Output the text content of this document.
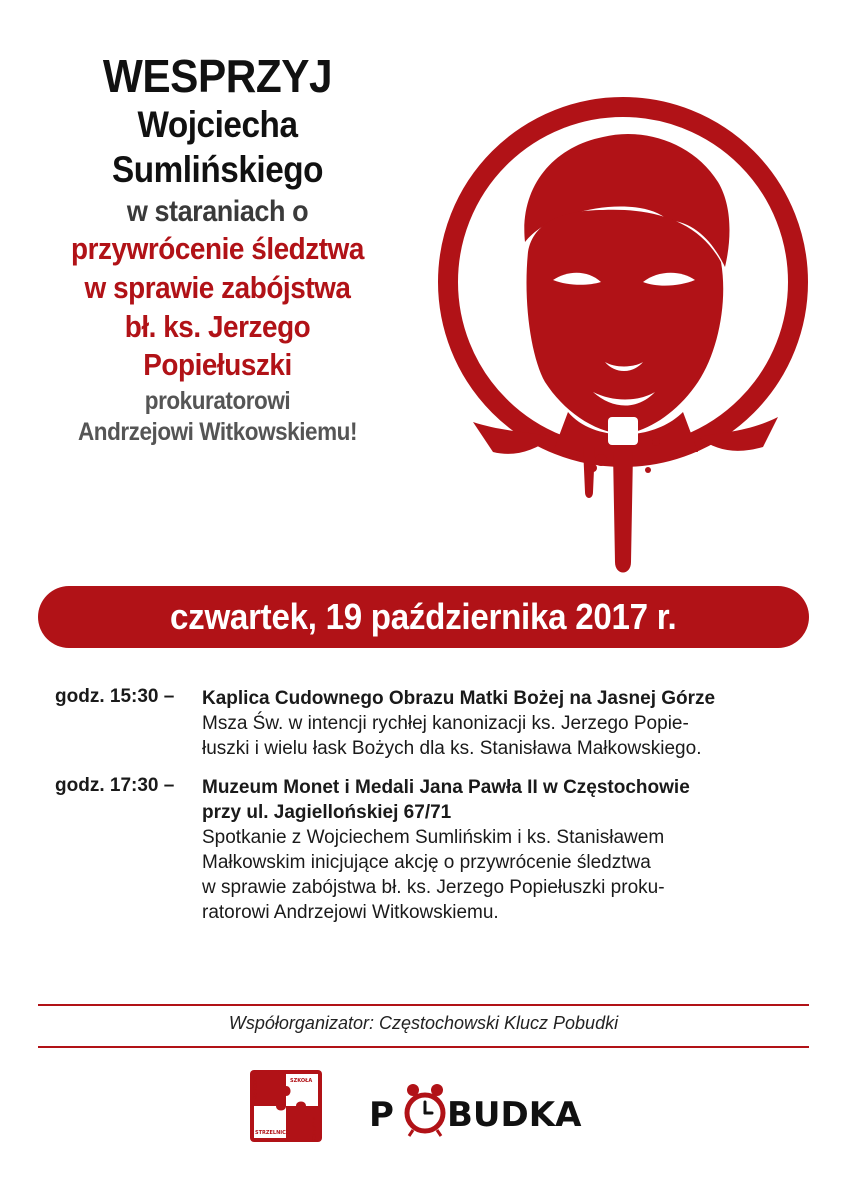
WESPRZYJ
Wojciecha
Sumlińskiego
w staraniach o
przywrócenie śledztwa
w sprawie zabójstwa
bł. ks. Jerzego
Popiełuszki
prokuratorowi
Andrzejowi Witkowskiemu!
czwartek, 19 października 2017 r.
godz. 15:30 – Kaplica Cudownego Obrazu Matki Bożej na Jasnej Górze
Msza Św. w intencji rychłej kanonizacji ks. Jerzego Popie-
łuszki i wielu łask Bożych dla ks. Stanisława Małkowskiego.
godz. 17:30 – Muzeum Monet i Medali Jana Pawła II w Częstochowie
przy ul. Jagiellońskiej 67/71
Spotkanie z Wojciechem Sumlińskim i ks. Stanisławem
Małkowskim inicjujące akcję o przywrócenie śledztwa
w sprawie zabójstwa bł. ks. Jerzego Popiełuszki proku-
ratorowi Andrzejowi Witkowskiemu.
Współorganizator: Częstochowski Klucz Pobudki
SZKOŁA
HARCOK
STRZELNICA	MENNICA P BUDKA
